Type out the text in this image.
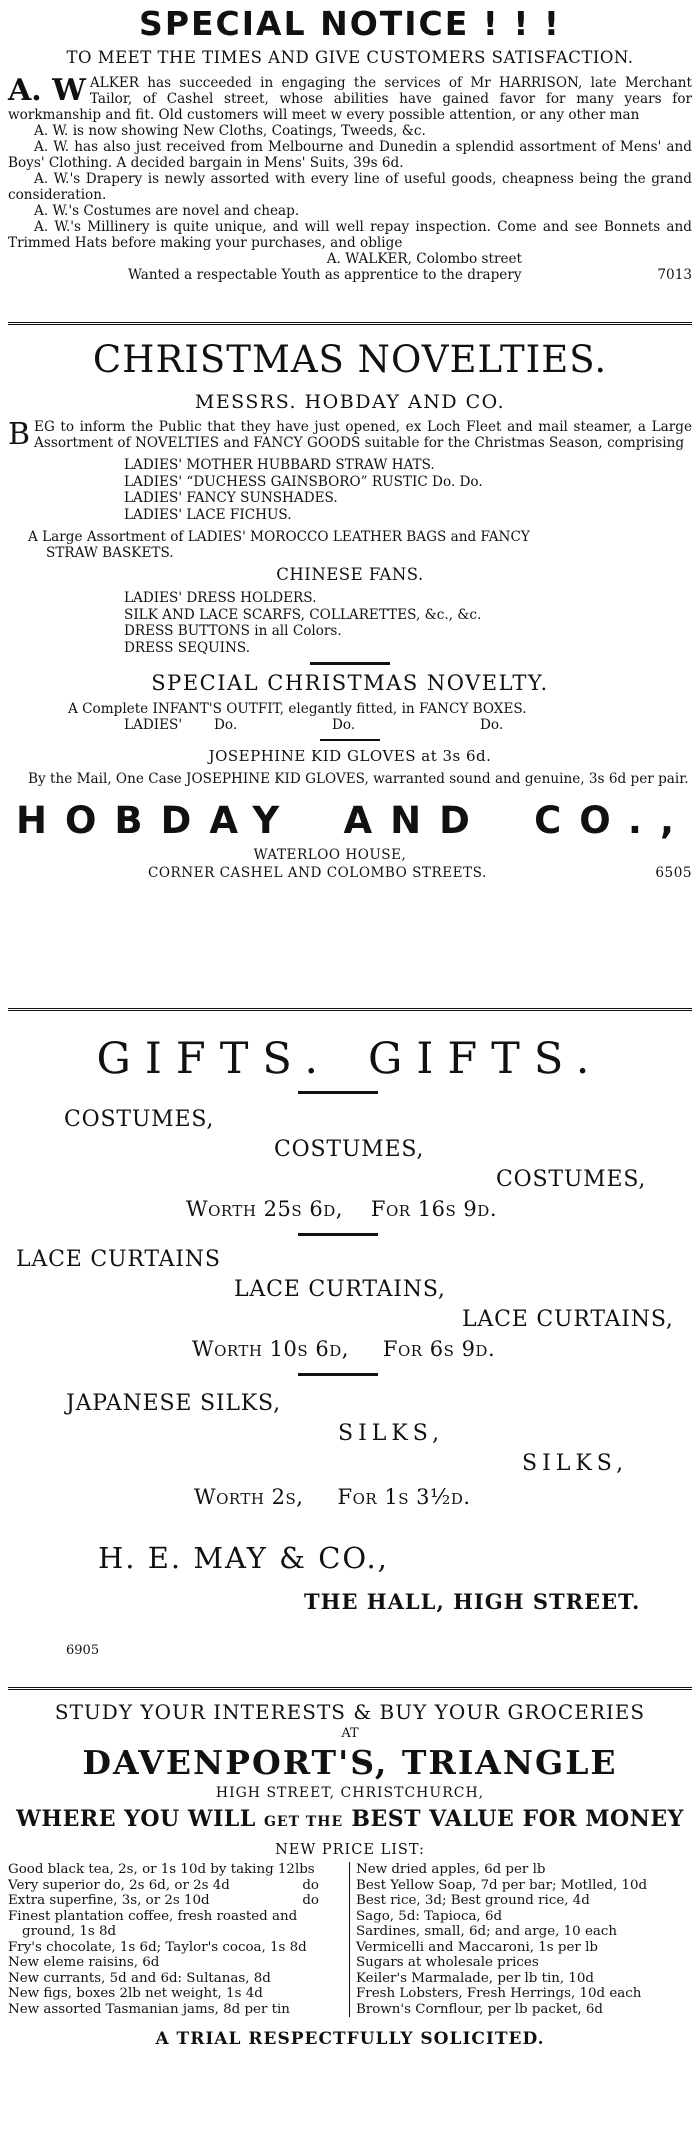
SPECIAL NOTICE ! ! !
TO MEET THE TIMES AND GIVE CUSTOMERS SATISFACTION.

A. W ALKER has succeeded in engaging the services of Mr HARRISON, late Merchant Tailor, of Cashel street, whose abilities have gained favor for many years for workmanship and fit. Old customers will meet w every possible attention, or any other man

A. W. is now showing New Cloths, Coatings, Tweeds, &c.

A. W. has also just received from Melbourne and Dunedin a splendid assortment of Mens' and Boys' Clothing. A decided bargain in Mens' Suits, 39s 6d.

A. W.'s Drapery is newly assorted with every line of useful goods, cheapness being the grand consideration.

A. W.'s Costumes are novel and cheap.

A. W.'s Millinery is quite unique, and will well repay inspection. Come and see Bonnets and Trimmed Hats before making your purchases, and oblige

A. WALKER, Colombo street

Wanted a respectable Youth as apprentice to the drapery	7013

CHRISTMAS NOVELTIES.
MESSRS. HOBDAY AND CO.

BEG to inform the Public that they have just opened, ex Loch Fleet and mail steamer, a Large Assortment of NOVELTIES and FANCY GOODS suitable for the Christmas Season, comprising

LADIES' MOTHER HUBBARD STRAW HATS.
LADIES' “DUCHESS GAINSBORO” RUSTIC Do. Do.
LADIES' FANCY SUNSHADES.
LADIES' LACE FICHUS.
A Large Assortment of LADIES' MOROCCO LEATHER BAGS and FANCY
STRAW BASKETS.
CHINESE FANS.
LADIES' DRESS HOLDERS.
SILK AND LACE SCARFS, COLLARETTES, &c., &c.
DRESS BUTTONS in all Colors.
DRESS SEQUINS.
SPECIAL CHRISTMAS NOVELTY.
A Complete INFANT'S OUTFIT, elegantly fitted, in FANCY BOXES.
LADIES'	Do.	Do.	Do.
JOSEPHINE KID GLOVES at 3s 6d.

By the Mail, One Case JOSEPHINE KID GLOVES, warranted sound and genuine, 3s 6d per pair.

HOBDAY AND CO.,
WATERLOO HOUSE,
CORNER CASHEL AND COLOMBO STREETS.	6505
GIFTS. GIFTS.
COSTUMES,
COSTUMES,
COSTUMES,
Worth 25s 6d, For 16s 9d.
LACE CURTAINS
LACE CURTAINS,
LACE CURTAINS,
Worth 10s 6d, For 6s 9d.
JAPANESE SILKS,
SILKS,
SILKS,
Worth 2s, For 1s 3½d.
H. E. MAY & CO.,
THE HALL, HIGH STREET.
6905
STUDY YOUR INTERESTS & BUY YOUR GROCERIES
AT
DAVENPORT'S, TRIANGLE
HIGH STREET, CHRISTCHURCH,
WHERE YOU WILL GET THE BEST VALUE FOR MONEY
NEW PRICE LIST:
Good black tea, 2s, or 1s 10d by taking 12lbs
Very superior do, 2s 6d, or 2s 4d	do
Extra superfine, 3s, or 2s 10d	do
Finest plantation coffee, fresh roasted and
ground, 1s 8d
Fry's chocolate, 1s 6d; Taylor's cocoa, 1s 8d
New eleme raisins, 6d
New currants, 5d and 6d: Sultanas, 8d
New figs, boxes 2lb net weight, 1s 4d
New assorted Tasmanian jams, 8d per tin
New dried apples, 6d per lb
Best Yellow Soap, 7d per bar; Motlled, 10d
Best rice, 3d; Best ground rice, 4d
Sago, 5d: Tapioca, 6d
Sardines, small, 6d; and arge, 10 each
Vermicelli and Maccaroni, 1s per lb
Sugars at wholesale prices
Keiler's Marmalade, per lb tin, 10d
Fresh Lobsters, Fresh Herrings, 10d each
Brown's Cornflour, per lb packet, 6d
A TRIAL RESPECTFULLY SOLICITED.
